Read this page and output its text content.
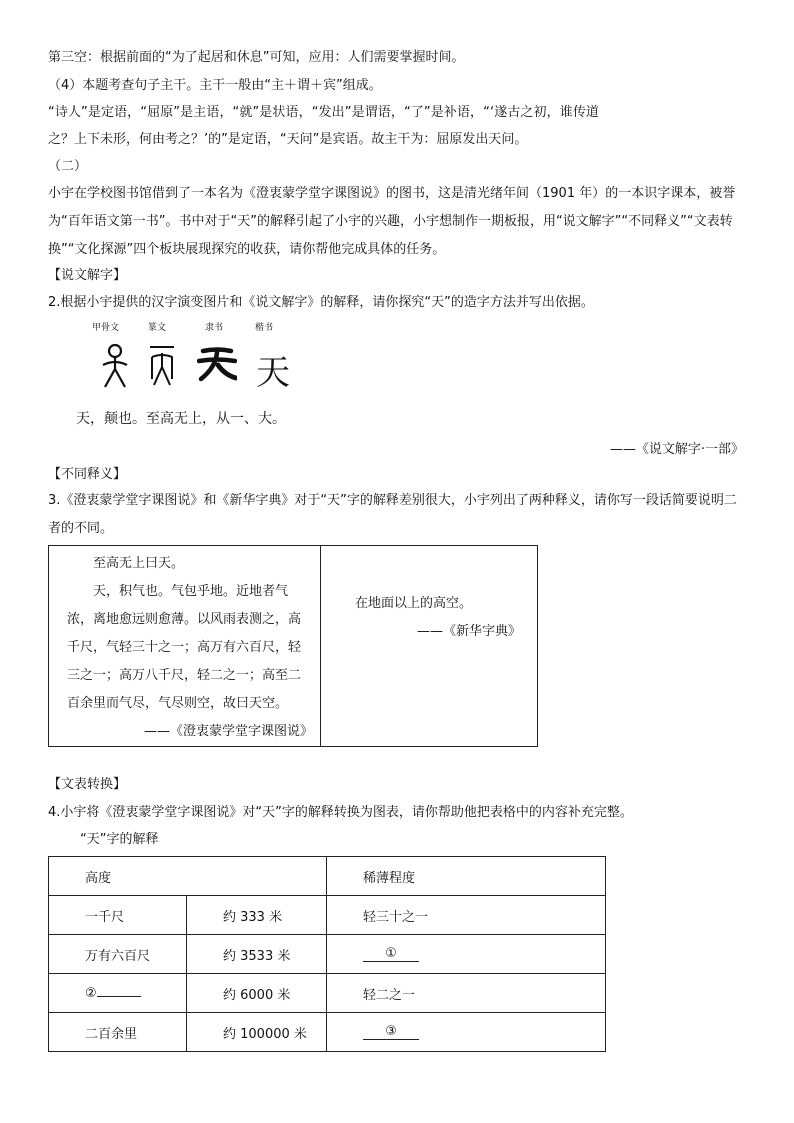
第三空：根据前面的“为了起居和休息”可知，应用：人们需要掌握时间。
（4）本题考查句子主干。主干一般由“主＋谓＋宾”组成。
“诗人”是定语，“屈原”是主语，“就”是状语，“发出”是谓语，“了”是补语，“‘遂古之初，谁传道
之？上下未形，何由考之？’的”是定语，“天问”是宾语。故主干为：屈原发出天问。
（二）
小宇在学校图书馆借到了一本名为《澄衷蒙学堂字课图说》的图书，这是清光绪年间（1901 年）的一本识字课本，被誉为“百年语文第一书”。书中对于“天”的解释引起了小宇的兴趣，小宇想制作一期板报，用“说文解字”“不同释义”“文表转换”“文化探源”四个板块展现探究的收获，请你帮他完成具体的任务。
【说文解字】
2.根据小宇提供的汉字演变图片和《说文解字》的解释，请你探究“天”的造字方法并写出依据。
甲骨文	篆文	隶书	楷书
天
天，颠也。至高无上，从一、大。
——《说文解字·一部》
【不同释义】
3.《澄衷蒙学堂字课图说》和《新华字典》对于“天”字的解释差别很大，小宇列出了两种释义，请你写一段话简要说明二者的不同。
至高无上曰天。
天，积气也。气包乎地。近地者气浓，离地愈远则愈薄。以风雨表测之，高千尺，气轻三十之一；高万有六百尺，轻三之一；高万八千尺，轻二之一；高至二百余里而气尽，气尽则空，故曰天空。
——《澄衷蒙学堂字课图说》
在地面以上的高空。
——《新华字典》
【文表转换】
4.小宇将《澄衷蒙学堂字课图说》对“天”字的解释转换为图表，请你帮助他把表格中的内容补充完整。
“天”字的解释
高度		稀薄程度
一千尺	约 333 米	轻三十之一
万有六百尺	约 3533 米	①
②	约 6000 米	轻二之一
二百余里	约 100000 米	③
